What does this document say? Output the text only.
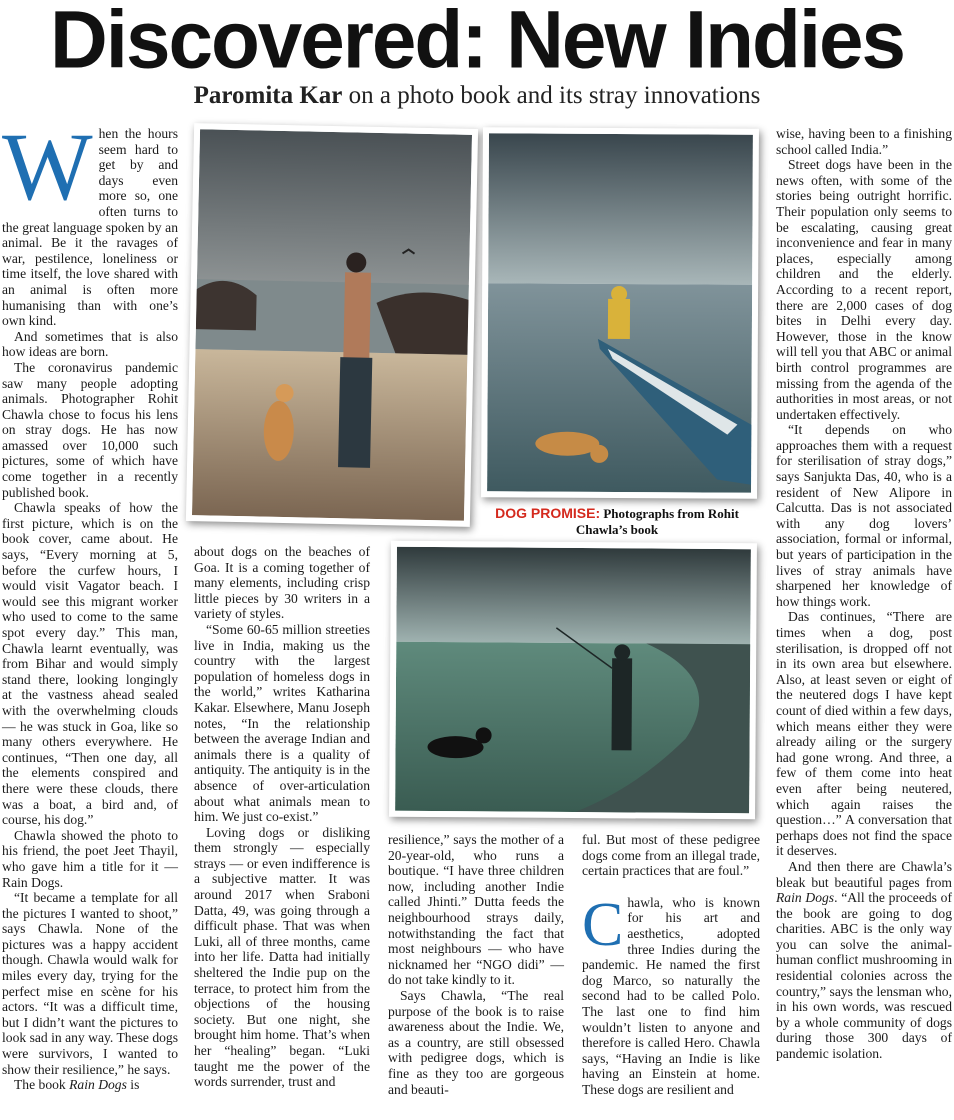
Discovered: New Indies
Paromita Kar on a photo book and its stray innovations

When the hours seem hard to get by and days even more so, one often turns to the great language spoken by an animal. Be it the ravages of war, pestilence, loneliness or time itself, the love shared with an animal is often more humanising than with one’s own kind.

And sometimes that is also how ideas are born.

The coronavirus pandemic saw many people adopting animals. Photographer Rohit Chawla chose to focus his lens on stray dogs. He has now amassed over 10,000 such pictures, some of which have come together in a recently published book.

Chawla speaks of how the first picture, which is on the book cover, came about. He says, “Every morning at 5, before the curfew hours, I would visit Vagator beach. I would see this migrant worker who used to come to the same spot every day.” This man, Chawla learnt eventually, was from Bihar and would simply stand there, looking longingly at the vastness ahead sealed with the overwhelming clouds — he was stuck in Goa, like so many others everywhere. He continues, “Then one day, all the elements conspired and there were these clouds, there was a boat, a bird and, of course, his dog.”

Chawla showed the photo to his friend, the poet Jeet Thayil, who gave him a title for it — Rain Dogs.

“It became a template for all the pictures I wanted to shoot,” says Chawla. None of the pictures was a happy accident though. Chawla would walk for miles every day, trying for the perfect mise en scène for his actors. “It was a difficult time, but I didn’t want the pictures to look sad in any way. These dogs were survivors, I wanted to show their resilience,” he says.

The book Rain Dogs is

DOG PROMISE: Photographs from Rohit Chawla’s book

about dogs on the beaches of Goa. It is a coming together of many elements, including crisp little pieces by 30 writers in a variety of styles.

“Some 60-65 million streeties live in India, making us the country with the largest population of homeless dogs in the world,” writes Katharina Kakar. Elsewhere, Manu Joseph notes, “In the relationship between the average Indian and animals there is a quality of antiquity. The antiquity is in the absence of over-articulation about what animals mean to him. We just co-exist.”

Loving dogs or disliking them strongly — especially strays — or even indifference is a subjective matter. It was around 2017 when Sraboni Datta, 49, was going through a difficult phase. That was when Luki, all of three months, came into her life. Datta had initially sheltered the Indie pup on the terrace, to protect him from the objections of the housing society. But one night, she brought him home. That’s when her “healing” began. “Luki taught me the power of the words surrender, trust and

resilience,” says the mother of a 20-year-old, who runs a boutique. “I have three children now, including another Indie called Jhinti.” Dutta feeds the neighbourhood strays daily, notwithstanding the fact that most neighbours — who have nicknamed her “NGO didi” — do not take kindly to it.

Says Chawla, “The real purpose of the book is to raise awareness about the Indie. We, as a country, are still obsessed with pedigree dogs, which is fine as they too are gorgeous and beauti-

ful. But most of these pedigree dogs come from an illegal trade, certain practices that are foul.”

Chawla, who is known for his art and aesthetics, adopted three Indies during the pandemic. He named the first dog Marco, so naturally the second had to be called Polo. The last one to find him wouldn’t listen to anyone and therefore is called Hero. Chawla says, “Having an Indie is like having an Einstein at home. These dogs are resilient and

wise, having been to a finishing school called India.”

Street dogs have been in the news often, with some of the stories being outright horrific. Their population only seems to be escalating, causing great inconvenience and fear in many places, especially among children and the elderly. According to a recent report, there are 2,000 cases of dog bites in Delhi every day. However, those in the know will tell you that ABC or animal birth control programmes are missing from the agenda of the authorities in most areas, or not undertaken effectively.

“It depends on who approaches them with a request for sterilisation of stray dogs,” says Sanjukta Das, 40, who is a resident of New Alipore in Calcutta. Das is not associated with any dog lovers’ association, formal or informal, but years of participation in the lives of stray animals have sharpened her knowledge of how things work.

Das continues, “There are times when a dog, post sterilisation, is dropped off not in its own area but elsewhere. Also, at least seven or eight of the neutered dogs I have kept count of died within a few days, which means either they were already ailing or the surgery had gone wrong. And three, a few of them come into heat even after being neutered, which again raises the question…” A conversation that perhaps does not find the space it deserves.

And then there are Chawla’s bleak but beautiful pages from Rain Dogs. “All the proceeds of the book are going to dog charities. ABC is the only way you can solve the animal-human conflict mushrooming in residential colonies across the country,” says the lensman who, in his own words, was rescued by a whole community of dogs during those 300 days of pandemic isolation.
